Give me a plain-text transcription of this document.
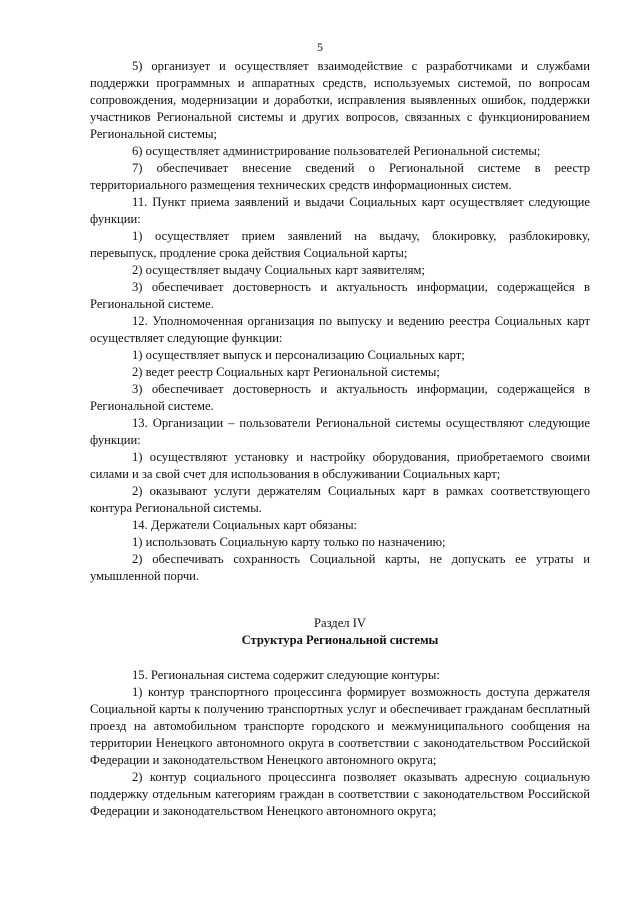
5

5) организует и осуществляет взаимодействие с разработчиками и службами поддержки программных и аппаратных средств, используемых системой, по вопросам сопровождения, модернизации и доработки, исправления выявленных ошибок, поддержки участников Региональной системы и других вопросов, связанных с функционированием Региональной системы;

6) осуществляет администрирование пользователей Региональной системы;

7) обеспечивает внесение сведений о Региональной системе в реестр территориального размещения технических средств информационных систем.

11. Пункт приема заявлений и выдачи Социальных карт осуществляет следующие функции:

1) осуществляет прием заявлений на выдачу, блокировку, разблокировку, перевыпуск, продление срока действия Социальной карты;

2) осуществляет выдачу Социальных карт заявителям;

3) обеспечивает достоверность и актуальность информации, содержащейся в Региональной системе.

12. Уполномоченная организация по выпуску и ведению реестра Социальных карт осуществляет следующие функции:

1) осуществляет выпуск и персонализацию Социальных карт;

2) ведет реестр Социальных карт Региональной системы;

3) обеспечивает достоверность и актуальность информации, содержащейся в Региональной системе.

13. Организации – пользователи Региональной системы осуществляют следующие функции:

1) осуществляют установку и настройку оборудования, приобретаемого своими силами и за свой счет для использования в обслуживании Социальных карт;

2) оказывают услуги держателям Социальных карт в рамках соответствующего контура Региональной системы.

14. Держатели Социальных карт обязаны:

1) использовать Социальную карту только по назначению;

2) обеспечивать сохранность Социальной карты, не допускать ее утраты и умышленной порчи.

Раздел IV

Структура Региональной системы

15. Региональная система содержит следующие контуры:

1) контур транспортного процессинга формирует возможность доступа держателя Социальной карты к получению транспортных услуг и обеспечивает гражданам бесплатный проезд на автомобильном транспорте городского и межмуниципального сообщения на территории Ненецкого автономного округа в соответствии с законодательством Российской Федерации и законодательством Ненецкого автономного округа;

2) контур социального процессинга позволяет оказывать адресную социальную поддержку отдельным категориям граждан в соответствии с законодательством Российской Федерации и законодательством Ненецкого автономного округа;
